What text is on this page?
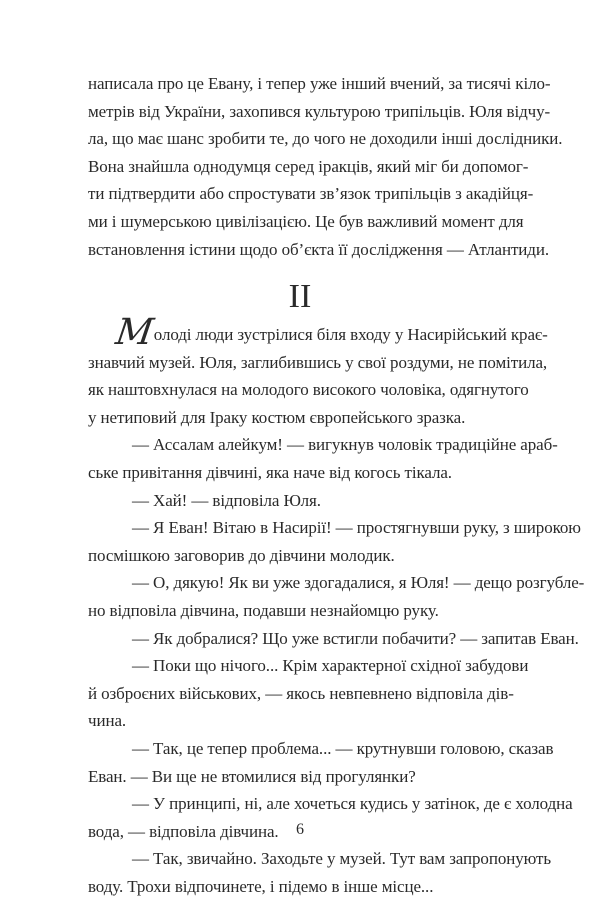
написала про це Евану, і тепер уже інший вчений, за тисячі кіло-
метрів від України, захопився культурою трипільців. Юля відчу-
ла, що має шанс зробити те, до чого не доходили інші дослідники.
Вона знайшла однодумця серед іракців, який міг би допомог-
ти підтвердити або спростувати зв’язок трипільців з акадійця-
ми і шумерською цивілізацією. Це був важливий момент для
встановлення істини щодо об’єкта її дослідження — Атлантиди.
II
Молоді люди зустрілися біля входу у Насирійський крає-
знавчий музей. Юля, заглибившись у свої роздуми, не помітила,
як наштовхнулася на молодого високого чоловіка, одягнутого
у нетиповий для Іраку костюм європейського зразка.
— Ассалам алейкум! — вигукнув чоловік традиційне араб-
ське привітання дівчині, яка наче від когось тікала.
— Хай! — відповіла Юля.
— Я Еван! Вітаю в Насирії! — простягнувши руку, з широкою
посмішкою заговорив до дівчини молодик.
— О, дякую! Як ви уже здогадалися, я Юля! — дещо розгубле-
но відповіла дівчина, подавши незнайомцю руку.
— Як добралися? Що уже встигли побачити? — запитав Еван.
— Поки що нічого... Крім характерної східної забудови
й озброєних військових, — якось невпевнено відповіла дів-
чина.
— Так, це тепер проблема... — крутнувши головою, сказав
Еван. — Ви ще не втомилися від прогулянки?
— У принципі, ні, але хочеться кудись у затінок, де є холодна
вода, — відповіла дівчина.
— Так, звичайно. Заходьте у музей. Тут вам запропонують
воду. Трохи відпочинете, і підемо в інше місце...
6
